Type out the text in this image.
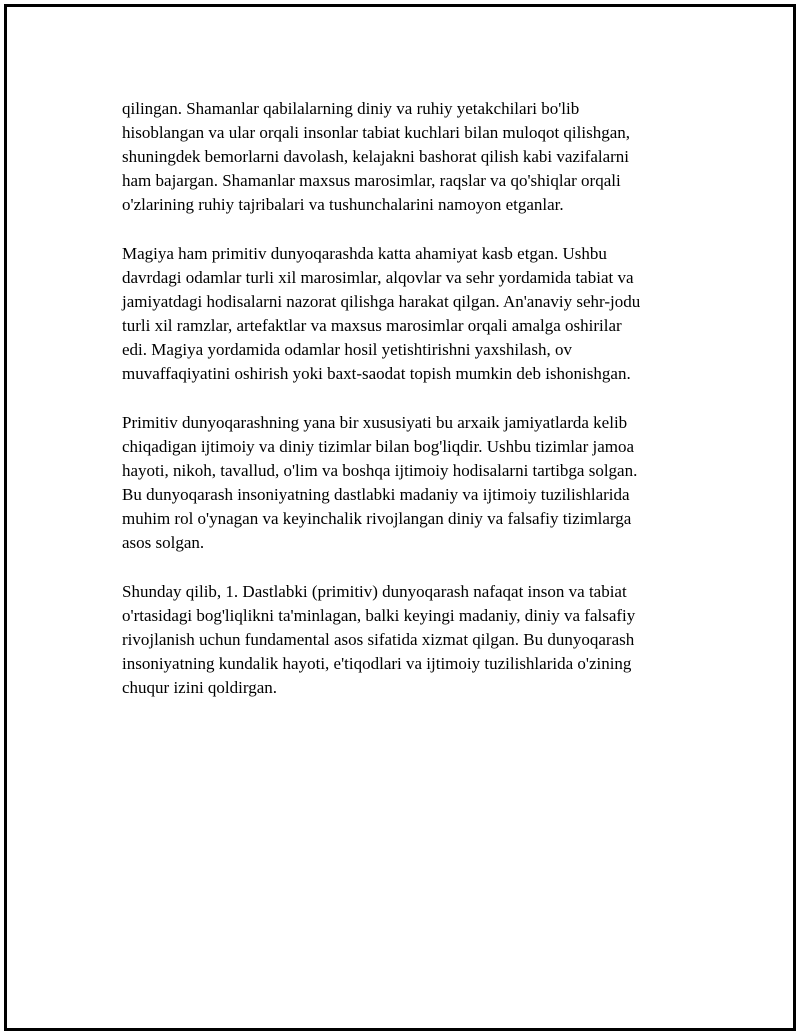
qilingan. Shamanlar qabilalarning diniy va ruhiy yetakchilari bo'lib
hisoblangan va ular orqali insonlar tabiat kuchlari bilan muloqot qilishgan,
shuningdek bemorlarni davolash, kelajakni bashorat qilish kabi vazifalarni
ham bajargan. Shamanlar maxsus marosimlar, raqslar va qo'shiqlar orqali
o'zlarining ruhiy tajribalari va tushunchalarini namoyon etganlar.

Magiya ham primitiv dunyoqarashda katta ahamiyat kasb etgan. Ushbu
davrdagi odamlar turli xil marosimlar, alqovlar va sehr yordamida tabiat va
jamiyatdagi hodisalarni nazorat qilishga harakat qilgan. An'anaviy sehr-jodu
turli xil ramzlar, artefaktlar va maxsus marosimlar orqali amalga oshirilar
edi. Magiya yordamida odamlar hosil yetishtirishni yaxshilash, ov
muvaffaqiyatini oshirish yoki baxt-saodat topish mumkin deb ishonishgan.

Primitiv dunyoqarashning yana bir xususiyati bu arxaik jamiyatlarda kelib
chiqadigan ijtimoiy va diniy tizimlar bilan bog'liqdir. Ushbu tizimlar jamoa
hayoti, nikoh, tavallud, o'lim va boshqa ijtimoiy hodisalarni tartibga solgan.
Bu dunyoqarash insoniyatning dastlabki madaniy va ijtimoiy tuzilishlarida
muhim rol o'ynagan va keyinchalik rivojlangan diniy va falsafiy tizimlarga
asos solgan.

Shunday qilib, 1. Dastlabki (primitiv) dunyoqarash nafaqat inson va tabiat
o'rtasidagi bog'liqlikni ta'minlagan, balki keyingi madaniy, diniy va falsafiy
rivojlanish uchun fundamental asos sifatida xizmat qilgan. Bu dunyoqarash
insoniyatning kundalik hayoti, e'tiqodlari va ijtimoiy tuzilishlarida o'zining
chuqur izini qoldirgan.
